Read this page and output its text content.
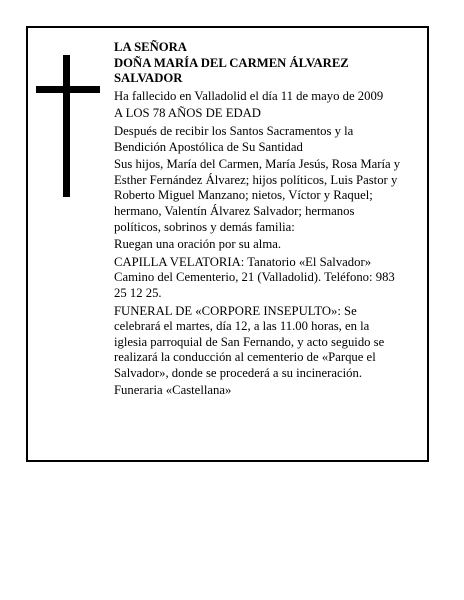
LA SEÑORA

DOÑA MARÍA DEL CARMEN ÁLVAREZ SALVADOR

Ha fallecido en Valladolid el día 11 de mayo de 2009

A LOS 78 AÑOS DE EDAD

Después de recibir los Santos Sacramentos y la Bendición Apostólica de Su Santidad

Sus hijos, María del Carmen, María Jesús, Rosa María y Esther Fernández Álvarez; hijos políticos, Luis Pastor y Roberto Miguel Manzano; nietos, Víctor y Raquel; hermano, Valentín Álvarez Salvador; hermanos políticos, sobrinos y demás familia:

Ruegan una oración por su alma.

CAPILLA VELATORIA: Tanatorio «El Salvador» Camino del Cementerio, 21 (Valladolid). Teléfono: 983 25 12 25.

FUNERAL DE «CORPORE INSEPULTO»: Se celebrará el martes, día 12, a las 11.00 horas, en la iglesia parroquial de San Fernando, y acto seguido se realizará la conducción al cementerio de «Parque el Salvador», donde se procederá a su incineración.

Funeraria «Castellana»
